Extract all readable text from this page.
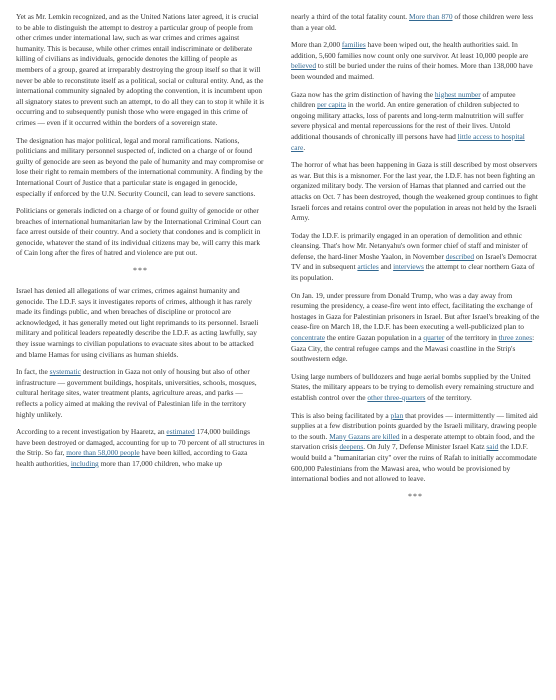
Yet as Mr. Lemkin recognized, and as the United Nations later agreed, it is crucial to be able to distinguish the attempt to destroy a particular group of people from other crimes under international law, such as war crimes and crimes against humanity. This is because, while other crimes entail indiscriminate or deliberate killing of civilians as individuals, genocide denotes the killing of people as members of a group, geared at irreparably destroying the group itself so that it will never be able to reconstitute itself as a political, social or cultural entity. And, as the international community signaled by adopting the convention, it is incumbent upon all signatory states to prevent such an attempt, to do all they can to stop it while it is occurring and to subsequently punish those who were engaged in this crime of crimes — even if it occurred within the borders of a sovereign state.

The designation has major political, legal and moral ramifications. Nations, politicians and military personnel suspected of, indicted on a charge of or found guilty of genocide are seen as beyond the pale of humanity and may compromise or lose their right to remain members of the international community. A finding by the International Court of Justice that a particular state is engaged in genocide, especially if enforced by the U.N. Security Council, can lead to severe sanctions.

Politicians or generals indicted on a charge of or found guilty of genocide or other breaches of international humanitarian law by the International Criminal Court can face arrest outside of their country. And a society that condones and is complicit in genocide, whatever the stand of its individual citizens may be, will carry this mark of Cain long after the fires of hatred and violence are put out.

***

Israel has denied all allegations of war crimes, crimes against humanity and genocide. The I.D.F. says it investigates reports of crimes, although it has rarely made its findings public, and when breaches of discipline or protocol are acknowledged, it has generally meted out light reprimands to its personnel. Israeli military and political leaders repeatedly describe the I.D.F. as acting lawfully, say they issue warnings to civilian populations to evacuate sites about to be attacked and blame Hamas for using civilians as human shields.

In fact, the systematic destruction in Gaza not only of housing but also of other infrastructure — government buildings, hospitals, universities, schools, mosques, cultural heritage sites, water treatment plants, agriculture areas, and parks — reflects a policy aimed at making the revival of Palestinian life in the territory highly unlikely.

According to a recent investigation by Haaretz, an estimated 174,000 buildings have been destroyed or damaged, accounting for up to 70 percent of all structures in the Strip. So far, more than 58,000 people have been killed, according to Gaza health authorities, including more than 17,000 children, who make up

nearly a third of the total fatality count. More than 870 of those children were less than a year old.

More than 2,000 families have been wiped out, the health authorities said. In addition, 5,600 families now count only one survivor. At least 10,000 people are believed to still be buried under the ruins of their homes. More than 138,000 have been wounded and maimed.

Gaza now has the grim distinction of having the highest number of amputee children per capita in the world. An entire generation of children subjected to ongoing military attacks, loss of parents and long-term malnutrition will suffer severe physical and mental repercussions for the rest of their lives. Untold additional thousands of chronically ill persons have had little access to hospital care.

The horror of what has been happening in Gaza is still described by most observers as war. But this is a misnomer. For the last year, the I.D.F. has not been fighting an organized military body. The version of Hamas that planned and carried out the attacks on Oct. 7 has been destroyed, though the weakened group continues to fight Israeli forces and retains control over the population in areas not held by the Israeli Army.

Today the I.D.F. is primarily engaged in an operation of demolition and ethnic cleansing. That's how Mr. Netanyahu's own former chief of staff and minister of defense, the hard-liner Moshe Yaalon, in November described on Israel's Democrat TV and in subsequent articles and interviews the attempt to clear northern Gaza of its population.

On Jan. 19, under pressure from Donald Trump, who was a day away from resuming the presidency, a cease-fire went into effect, facilitating the exchange of hostages in Gaza for Palestinian prisoners in Israel. But after Israel's breaking of the cease-fire on March 18, the I.D.F. has been executing a well-publicized plan to concentrate the entire Gazan population in a quarter of the territory in three zones: Gaza City, the central refugee camps and the Mawasi coastline in the Strip's southwestern edge.

Using large numbers of bulldozers and huge aerial bombs supplied by the United States, the military appears to be trying to demolish every remaining structure and establish control over the other three-quarters of the territory.

This is also being facilitated by a plan that provides — intermittently — limited aid supplies at a few distribution points guarded by the Israeli military, drawing people to the south. Many Gazans are killed in a desperate attempt to obtain food, and the starvation crisis deepens. On July 7, Defense Minister Israel Katz said the I.D.F. would build a "humanitarian city" over the ruins of Rafah to initially accommodate 600,000 Palestinians from the Mawasi area, who would be provisioned by international bodies and not allowed to leave.

***
